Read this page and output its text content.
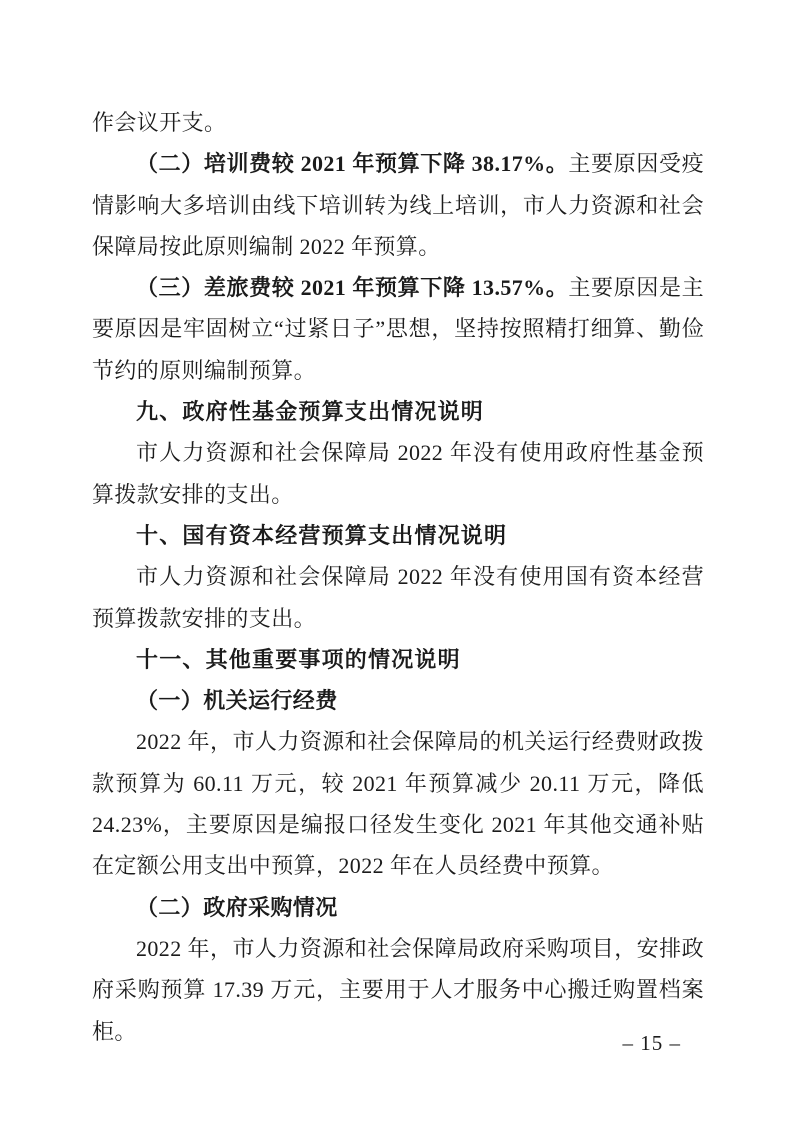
作会议开支。

（二）培训费较 2021 年预算下降 38.17%。主要原因受疫情影响大多培训由线下培训转为线上培训，市人力资源和社会保障局按此原则编制 2022 年预算。

（三）差旅费较 2021 年预算下降 13.57%。主要原因是主要原因是牢固树立“过紧日子”思想，坚持按照精打细算、勤俭节约的原则编制预算。

九、政府性基金预算支出情况说明

市人力资源和社会保障局 2022 年没有使用政府性基金预算拨款安排的支出。

十、国有资本经营预算支出情况说明

市人力资源和社会保障局 2022 年没有使用国有资本经营预算拨款安排的支出。

十一、其他重要事项的情况说明

（一）机关运行经费

2022 年，市人力资源和社会保障局的机关运行经费财政拨款预算为 60.11 万元，较 2021 年预算减少 20.11 万元，降低 24.23%，主要原因是编报口径发生变化 2021 年其他交通补贴在定额公用支出中预算，2022 年在人员经费中预算。

（二）政府采购情况

2022 年，市人力资源和社会保障局政府采购项目，安排政府采购预算 17.39 万元，主要用于人才服务中心搬迁购置档案柜。	– 15 –
